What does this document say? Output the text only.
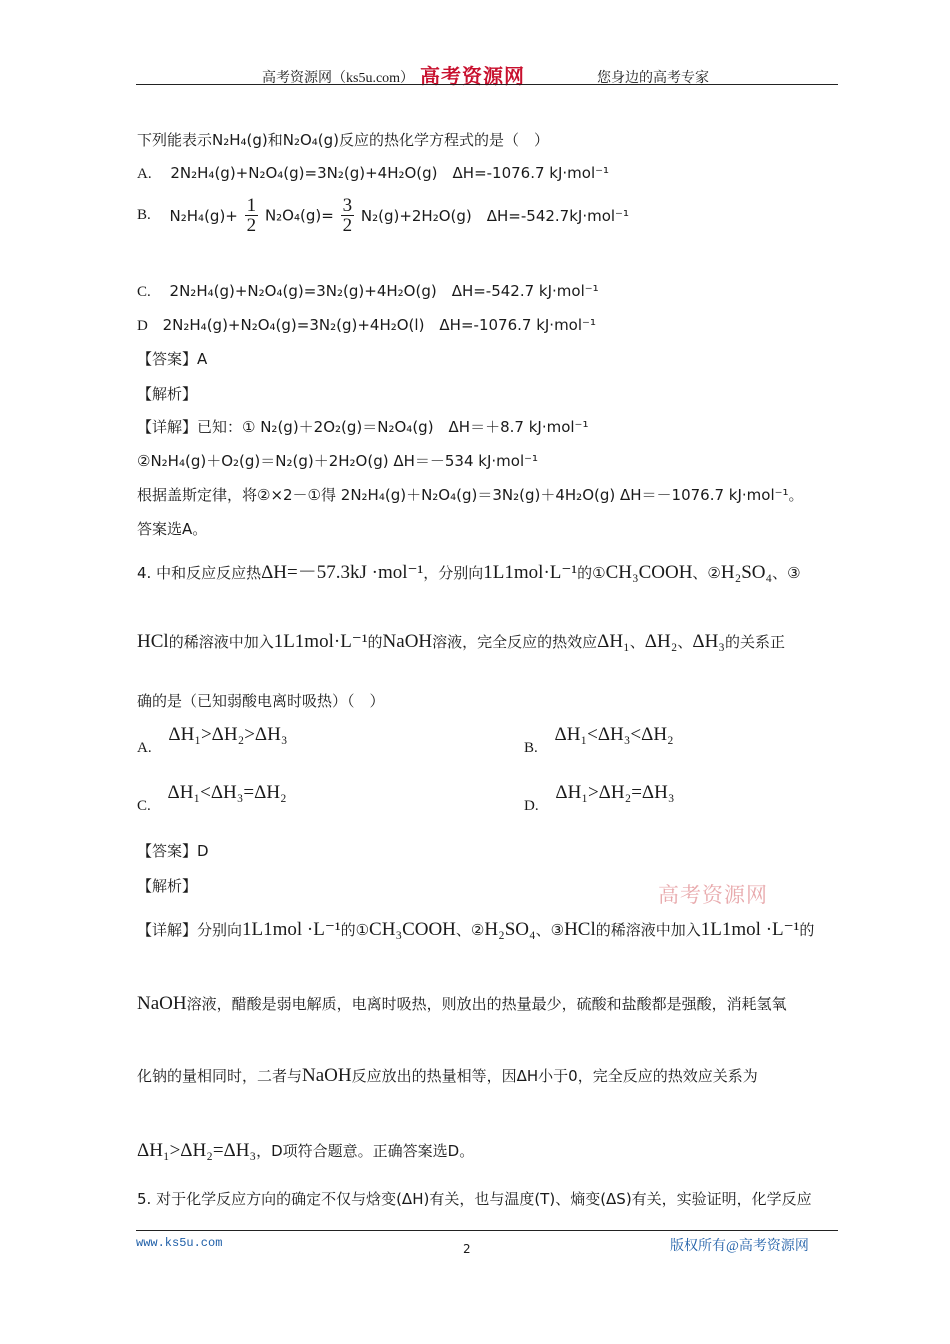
高考资源网（ks5u.com） 高考资源网	您身边的高考专家
下列能表示N₂H₄(g)和N₂O₄(g)反应的热化学方程式的是（　）
A. 2N₂H₄(g)+N₂O₄(g)=3N₂(g)+4H₂O(g)　ΔH=-1076.7 kJ·mol⁻¹
B. $N_2H_4(g)+ \frac{1}{2} N_2O_4(g)= \frac{3}{2} N_2(g)+2H_2O(g)$　ΔH=-542.7kJ·mol⁻¹
C. 2N₂H₄(g)+N₂O₄(g)=3N₂(g)+4H₂O(g)　ΔH=-542.7 kJ·mol⁻¹
D 2N₂H₄(g)+N₂O₄(g)=3N₂(g)+4H₂O(l)　ΔH=-1076.7 kJ·mol⁻¹
【答案】A
【解析】
【详解】已知：① N₂(g)＋2O₂(g)＝N₂O₄(g)　ΔH＝＋8.7 kJ·mol⁻¹
②N₂H₄(g)＋O₂(g)＝N₂(g)＋2H₂O(g) ΔH＝－534 kJ·mol⁻¹
根据盖斯定律，将②×2－①得 2N₂H₄(g)＋N₂O₄(g)＝3N₂(g)＋4H₂O(g) ΔH＝－1076.7 kJ·mol⁻¹。
答案选A。
4. 中和反应反应热ΔH=－57.3kJ ·mol⁻¹，分别向1L1mol·L⁻¹的①CH₃COOH、②H₂SO₄、③
HCl的稀溶液中加入1L1mol·L⁻¹的NaOH溶液，完全反应的热效应ΔH₁、ΔH₂、ΔH₃的关系正
确的是（已知弱酸电离时吸热）（　）
A. ΔH₁>ΔH₂>ΔH₃
B. ΔH₁<ΔH₃<ΔH₂
C. ΔH₁<ΔH₃=ΔH₂
D. ΔH₁>ΔH₂=ΔH₃
【答案】D
【解析】	高考资源网
【详解】分别向1L1mol ·L⁻¹的①CH₃COOH、②H₂SO₄、③HCl的稀溶液中加入1L1mol ·L⁻¹的
NaOH溶液，醋酸是弱电解质，电离时吸热，则放出的热量最少，硫酸和盐酸都是强酸，消耗氢氧
化钠的量相同时，二者与NaOH反应放出的热量相等，因ΔH小于0，完全反应的热效应关系为
ΔH₁>ΔH₂=ΔH₃，D项符合题意。正确答案选D。
5. 对于化学反应方向的确定不仅与焓变(ΔH)有关，也与温度(T)、熵变(ΔS)有关，实验证明，化学反应
www.ks5u.com	2	版权所有@高考资源网
